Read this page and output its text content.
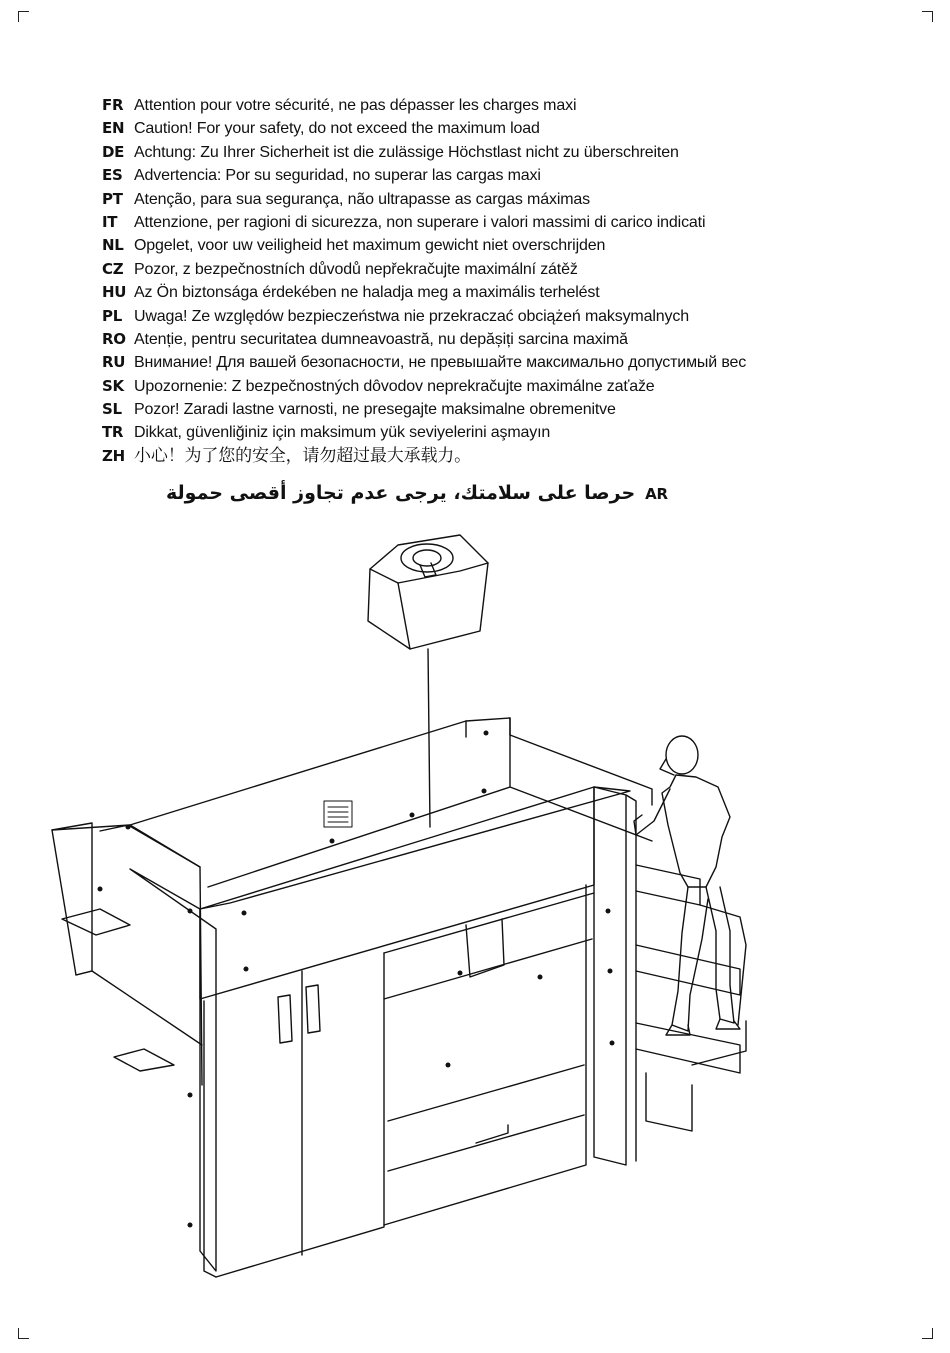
FR Attention pour votre sécurité, ne pas dépasser les charges maxi
EN Caution! For your safety, do not exceed the maximum load
DE Achtung: Zu Ihrer Sicherheit ist die zulässige Höchstlast nicht zu überschreiten
ES Advertencia: Por su seguridad, no superar las cargas maxi
PT Atenção, para sua segurança, não ultrapasse as cargas máximas
IT Attenzione, per ragioni di sicurezza, non superare i valori massimi di carico indicati
NL Opgelet, voor uw veiligheid het maximum gewicht niet overschrijden
CZ Pozor, z bezpečnostních důvodů nepřekračujte maximální zátěž
HU Az Ön biztonsága érdekében ne haladja meg a maximális terhelést
PL Uwaga! Ze względów bezpieczeństwa nie przekraczać obciążeń maksymalnych
RO Atenție, pentru securitatea dumneavoastră, nu depășiți sarcina maximă
RU Внимание! Для вашей безопасности, не превышайте максимально допустимый вес
SK Upozornenie: Z bezpečnostných dôvodov neprekračujte maximálne zaťaže
SL Pozor! Zaradi lastne varnosti, ne presegajte maksimalne obremenitve
TR Dikkat, güvenliğiniz için maksimum yük seviyelerini aşmayın
ZH 小心！为了您的安全，请勿超过最大承载力。
حرصا على سلامتك، يرجى عدم تجاوز أقصى حمولة AR
